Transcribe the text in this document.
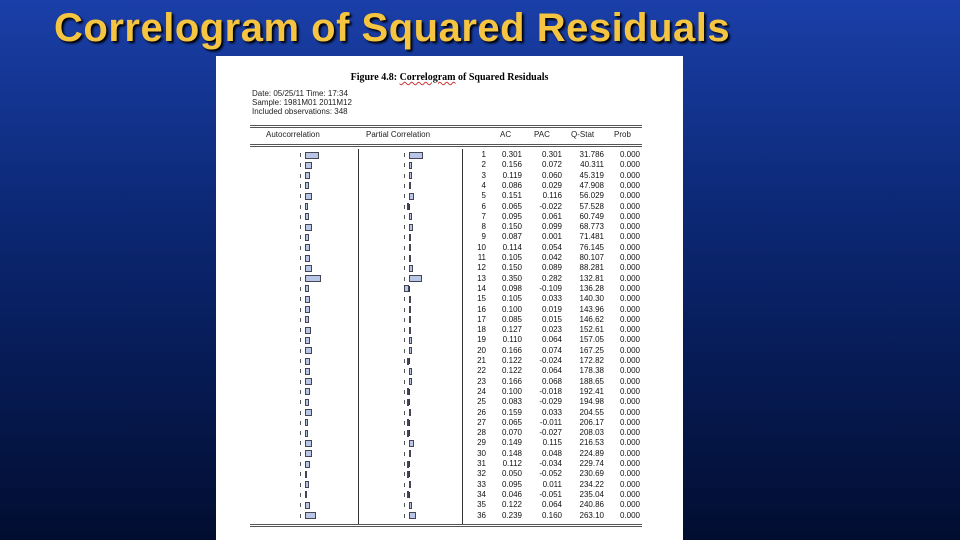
Correlogram of Squared Residuals
Figure 4.8: Correlogram of Squared Residuals
Date: 05/25/11 Time: 17:34
Sample: 1981M01 2011M12
Included observations: 348
Autocorrelation	Partial Correlation	AC	PAC	Q-Stat Prob
1	0.301	0.301	31.786	0.000
2	0.156	0.072	40.311	0.000
3	0.119	0.060	45.319	0.000
4	0.086	0.029	47.908	0.000
5	0.151	0.116	56.029	0.000
6	0.065	-0.022	57.528	0.000
7	0.095	0.061	60.749	0.000
8	0.150	0.099	68.773	0.000
9	0.087	0.001	71.481	0.000
10	0.114	0.054	76.145	0.000
11	0.105	0.042	80.107	0.000
12	0.150	0.089	88.281	0.000
13	0.350	0.282	132.81	0.000
14	0.098	-0.109	136.28	0.000
15	0.105	0.033	140.30	0.000
16	0.100	0.019	143.96	0.000
17	0.085	0.015	146.62	0.000
18	0.127	0.023	152.61	0.000
19	0.110	0.064	157.05	0.000
20	0.166	0.074	167.25	0.000
21	0.122	-0.024	172.82	0.000
22	0.122	0.064	178.38	0.000
23	0.166	0.068	188.65	0.000
24	0.100	-0.018	192.41	0.000
25	0.083	-0.029	194.98	0.000
26	0.159	0.033	204.55	0.000
27	0.065	-0.011	206.17	0.000
28	0.070	-0.027	208.03	0.000
29	0.149	0.115	216.53	0.000
30	0.148	0.048	224.89	0.000
31	0.112	-0.034	229.74	0.000
32	0.050	-0.052	230.69	0.000
33	0.095	0.011	234.22	0.000
34	0.046	-0.051	235.04	0.000
35	0.122	0.064	240.86	0.000
36	0.239	0.160	263.10	0.000
